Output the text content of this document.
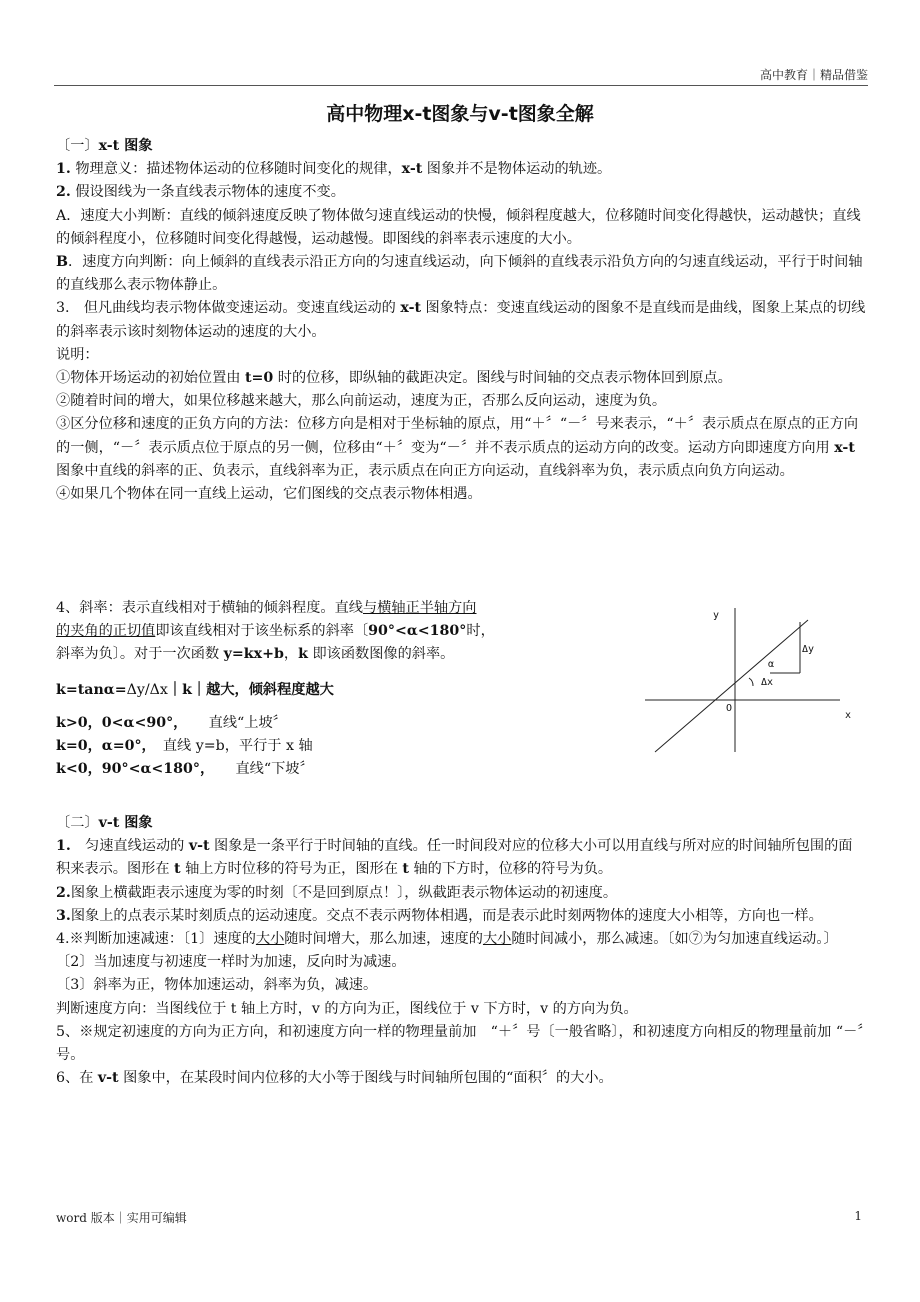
高中教育｜精品借鉴
高中物理x-t图象与v-t图象全解

〔一〕x-t 图象

1. 物理意义：描述物体运动的位移随时间变化的规律，x-t 图象并不是物体运动的轨迹。

2. 假设图线为一条直线表示物体的速度不变。

A．速度大小判断：直线的倾斜速度反映了物体做匀速直线运动的快慢，倾斜程度越大，位移随时间变化得越快，运动越快；直线的倾斜程度小，位移随时间变化得越慢，运动越慢。即图线的斜率表示速度的大小。

B．速度方向判断：向上倾斜的直线表示沿正方向的匀速直线运动，向下倾斜的直线表示沿负方向的匀速直线运动，平行于时间轴的直线那么表示物体静止。

3.　但凡曲线均表示物体做变速运动。变速直线运动的 x-t 图象特点：变速直线运动的图象不是直线而是曲线，图象上某点的切线的斜率表示该时刻物体运动的速度的大小。

说明：

①物体开场运动的初始位置由 t=0 时的位移，即纵轴的截距决定。图线与时间轴的交点表示物体回到原点。

②随着时间的增大，如果位移越来越大，那么向前运动，速度为正，否那么反向运动，速度为负。

③区分位移和速度的正负方向的方法：位移方向是相对于坐标轴的原点，用“＋〞“－〞号来表示，“＋〞表示质点在原点的正方向的一侧，“－〞表示质点位于原点的另一侧，位移由“＋〞变为“－〞并不表示质点的运动方向的改变。运动方向即速度方向用 x-t 图象中直线的斜率的正、负表示，直线斜率为正，表示质点在向正方向运动，直线斜率为负，表示质点向负方向运动。

④如果几个物体在同一直线上运动，它们图线的交点表示物体相遇。

4、斜率：表示直线相对于横轴的倾斜程度。直线与横轴正半轴方向

的夹角的正切值即该直线相对于该坐标系的斜率〔90°<α<180°时，

斜率为负〕。对于一次函数 y=kx+b，k 即该函数图像的斜率。

k=tanα=Δy/Δx｜k｜越大，倾斜程度越大

k>0，0<α<90°，　　直线“上坡〞

k=0，α=0°，　直线 y=b，平行于 x 轴

k<0，90°<α<180°，　　直线“下坡〞

y
x
O
α
Δy
Δx

〔二〕v-t 图象

1.　匀速直线运动的 v-t 图象是一条平行于时间轴的直线。任一时间段对应的位移大小可以用直线与所对应的时间轴所包围的面积来表示。图形在 t 轴上方时位移的符号为正，图形在 t 轴的下方时，位移的符号为负。

2.图象上横截距表示速度为零的时刻〔不是回到原点！〕，纵截距表示物体运动的初速度。

3.图象上的点表示某时刻质点的运动速度。交点不表示两物体相遇，而是表示此时刻两物体的速度大小相等，方向也一样。

4.※判断加速减速：〔1〕速度的大小随时间增大，那么加速，速度的大小随时间减小，那么减速。〔如⑦为匀加速直线运动。〕

〔2〕当加速度与初速度一样时为加速，反向时为减速。

〔3〕斜率为正，物体加速运动，斜率为负，减速。

判断速度方向：当图线位于 t 轴上方时，v 的方向为正，图线位于 v 下方时，v 的方向为负。

5、※规定初速度的方向为正方向，和初速度方向一样的物理量前加　“＋〞号〔一般省略〕，和初速度方向相反的物理量前加 “－〞号。

6、在 v-t 图象中，在某段时间内位移的大小等于图线与时间轴所包围的“面积〞的大小。

word 版本｜实用可编辑	1
